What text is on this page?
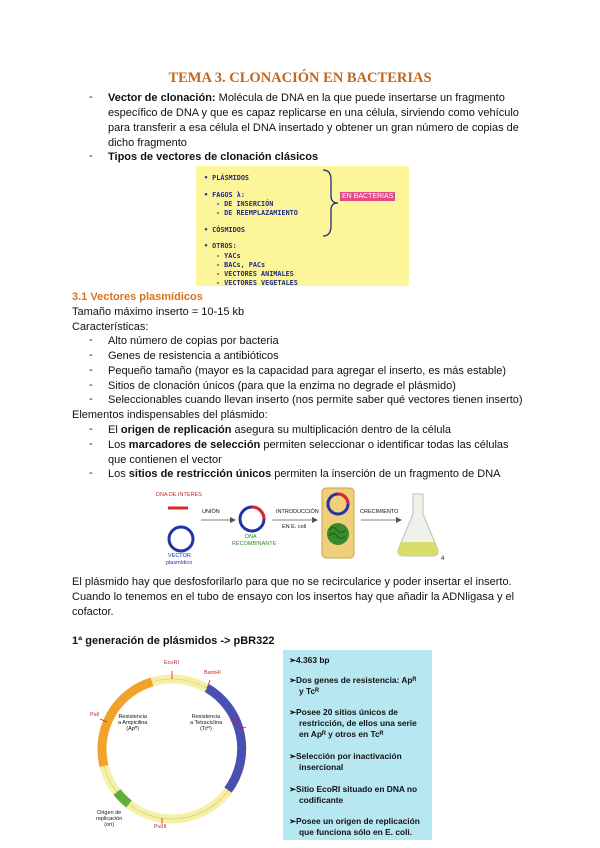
TEMA 3. CLONACIÓN EN BACTERIAS
- Vector de clonación: Molécula de DNA en la que puede insertarse un fragmento
específico de DNA y que es capaz replicarse en una célula, sirviendo como vehículo
para transferir a esa célula el DNA insertado y obtener un gran número de copias de
dicho fragmento
- Tipos de vectores de clonación clásicos
• PLÁSMIDOS
• FAGOS λ:
- DE INSERCIÓN
- DE REEMPLAZAMIENTO
• CÓSMIDOS
• OTROS:
- YACs
- BACs, PACs
- VECTORES ANIMALES
- VECTORES VEGETALES
EN BACTERIAS
3.1 Vectores plasmídicos
Tamaño máximo inserto = 10-15 kb
Características:
- Alto número de copias por bacteria
- Genes de resistencia a antibióticos
- Pequeño tamaño (mayor es la capacidad para agregar el inserto, es más estable)
- Sitios de clonación únicos (para que la enzima no degrade el plásmido)
- Seleccionables cuando llevan inserto (nos permite saber qué vectores tienen inserto)
Elementos indispensables del plásmido:
- El origen de replicación asegura su multiplicación dentro de la célula
- Los marcadores de selección permiten seleccionar o identificar todas las células
que contienen el vector
- Los sitios de restricción únicos permiten la inserción de un fragmento de DNA
DNA DE INTERÉS
UNIÓN	INTRODUCCIÓN
EN E. coli
CRECIMIENTO
VECTOR
plasmídico
DNA
RECOMBINANTE
4
El plásmido hay que desfosforilarlo para que no se recircularice y poder insertar el inserto.
Cuando lo tenemos en el tubo de ensayo con los insertos hay que añadir la ADNligasa y el
cofactor.
1ª generación de plásmidos -> pBR322
EcoRI
BamHI
PstI
SalI
PvuII
Resistencia
a Ampicilina
(Apᴿ)
Resistencia
a Tetraciclina
(Tcᴿ)
Origen de
replicación
(ori)
➢4.363 bp
➢Dos genes de resistencia: Apᴿ
y Tcᴿ
➢Posee 20 sitios únicos de
restricción, de ellos una serie
en Apᴿ y otros en Tcᴿ
➢Selección por inactivación
insercional
➢Sitio EcoRI situado en DNA no
codificante
➢Posee un origen de replicación
que funciona sólo en E. coli.
